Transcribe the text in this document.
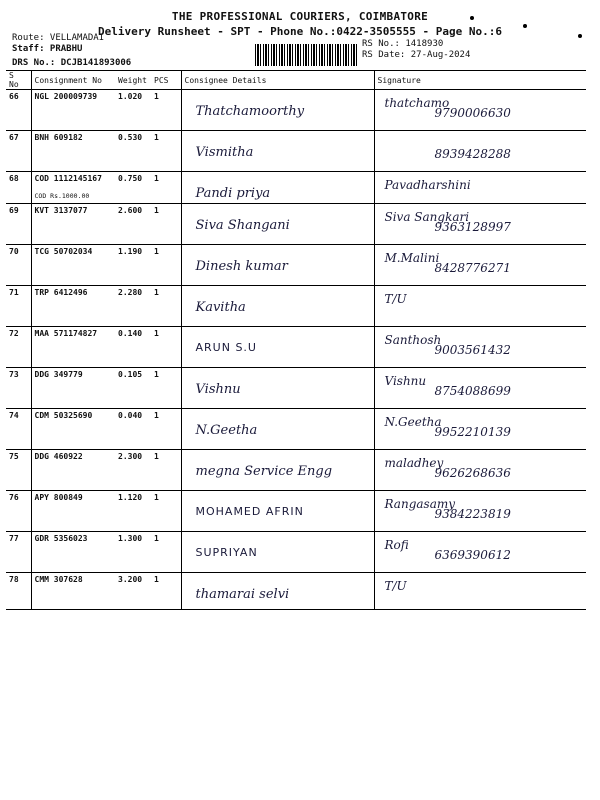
THE PROFESSIONAL COURIERS, COIMBATORE
Delivery Runsheet - SPT - Phone No.:0422-3505555 - Page No.:6
Route: VELLAMADAI
Staff: PRABHU
DRS No.: DCJB141893006
RS No.: 1418930
RS Date: 27-Aug-2024
S No	Consignment No	Weight	PCS	Consignee Details	Signature
66	NGL 200009739	1.020	1	Thatchamoorthy	thatchamo
9790006630

67	BNH 609182	0.530	1	Vismitha	8939428288

68	COD 1112145167
COD Rs.1000.00	0.750	1	Pandi priya	Pavadharshini

69	KVT 3137077	2.600	1	Siva Shangani	Siva Sangkari
9363128997

70	TCG 50702034	1.190	1	Dinesh kumar	M.Malini
8428776271

71	TRP 6412496	2.280	1	Kavitha	T/U

72	MAA 571174827	0.140	1	ARUN S.U	Santhosh
9003561432

73	DDG 349779	0.105	1	Vishnu	Vishnu
8754088699

74	CDM 50325690	0.040	1	N.Geetha	N.Geetha
9952210139

75	DDG 460922	2.300	1	megna Service Engg	maladhey
9626268636

76	APY 800849	1.120	1	MOHAMED AFRIN	Rangasamy
9384223819

77	GDR 5356023	1.300	1	SUPRIYAN	Rofi
6369390612

78	CMM 307628	3.200	1	thamarai selvi	T/U
